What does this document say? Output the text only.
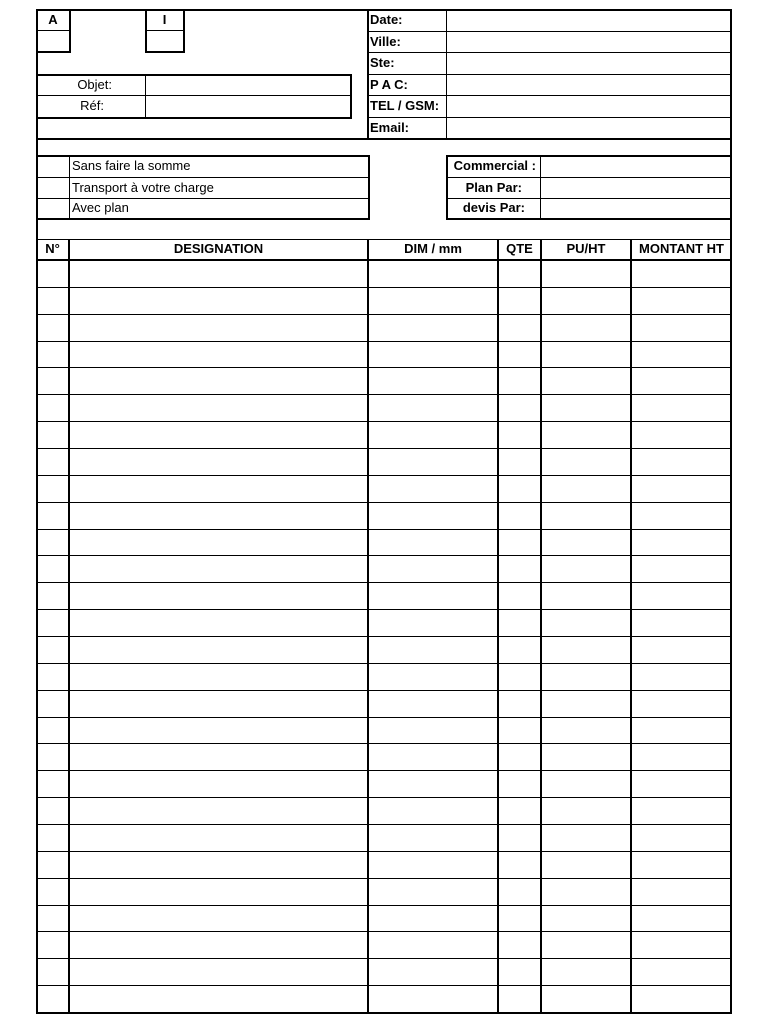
A	I
Objet:
Réf:
Date:
Ville:
Ste:
P A C:
TEL / GSM:
Email:
Sans faire la somme
Transport à votre charge
Avec plan
Commercial :
Plan Par:
devis Par:
N°	DESIGNATION	DIM / mm	QTE	PU/HT	MONTANT HT
